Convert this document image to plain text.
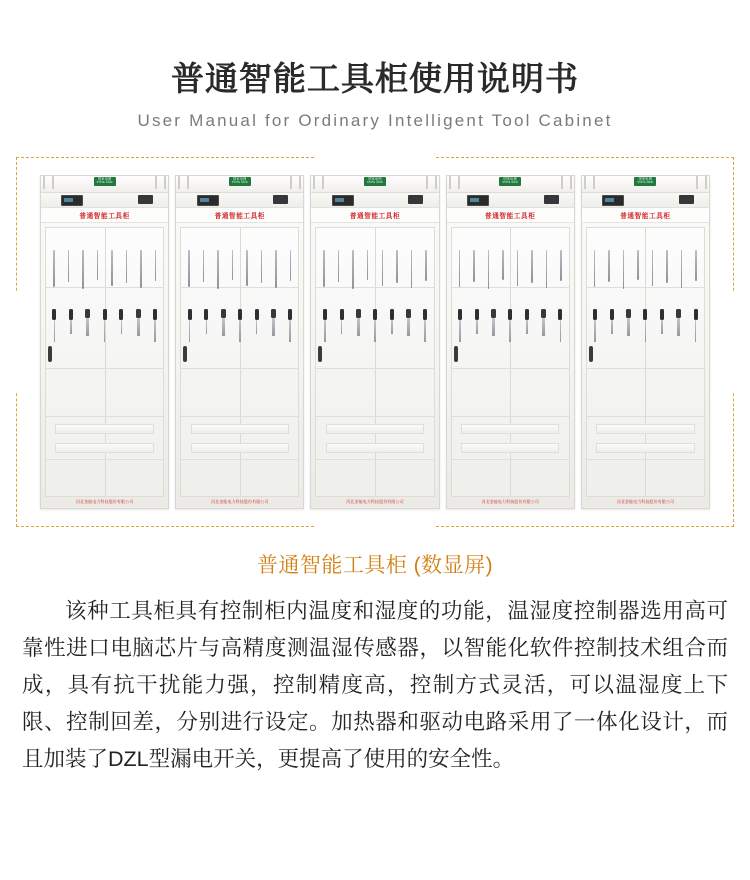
普通智能工具柜使用说明书
User Manual for Ordinary Intelligent Tool Cabinet
国家电网
STATE GRID
普通智能工具柜
河北金能电力科技股份有限公司
国家电网
STATE GRID
普通智能工具柜
河北金能电力科技股份有限公司
国家电网
STATE GRID
普通智能工具柜
河北金能电力科技股份有限公司
国家电网
STATE GRID
普通智能工具柜
河北金能电力科技股份有限公司
国家电网
STATE GRID
普通智能工具柜
河北金能电力科技股份有限公司
普通智能工具柜 (数显屏)
该种工具柜具有控制柜内温度和湿度的功能，温湿度控制器选用高可靠性进口电脑芯片与高精度测温湿传感器，以智能化软件控制技术组合而成，具有抗干扰能力强，控制精度高，控制方式灵活，可以温湿度上下限、控制回差，分别进行设定。加热器和驱动电路采用了一体化设计，而且加装了DZL型漏电开关，更提高了使用的安全性。
